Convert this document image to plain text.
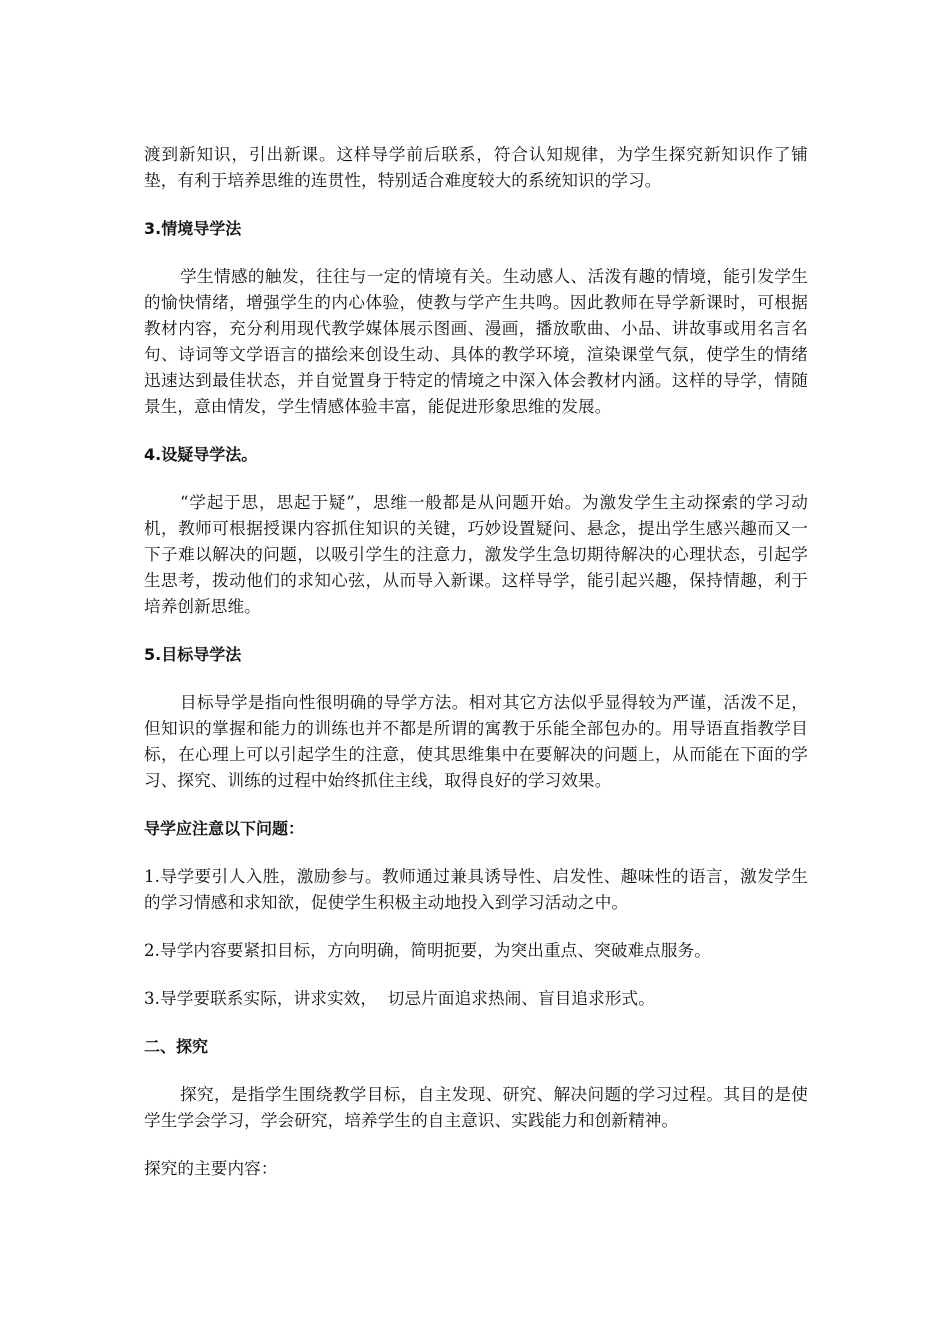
渡到新知识，引出新课。这样导学前后联系，符合认知规律，为学生探究新知识作了铺垫，有利于培养思维的连贯性，特别适合难度较大的系统知识的学习。

3.情境导学法

学生情感的触发，往往与一定的情境有关。生动感人、活泼有趣的情境，能引发学生的愉快情绪，增强学生的内心体验，使教与学产生共鸣。因此教师在导学新课时，可根据教材内容，充分利用现代教学媒体展示图画、漫画，播放歌曲、小品、讲故事或用名言名句、诗词等文学语言的描绘来创设生动、具体的教学环境，渲染课堂气氛，使学生的情绪迅速达到最佳状态，并自觉置身于特定的情境之中深入体会教材内涵。这样的导学，情随景生，意由情发，学生情感体验丰富，能促进形象思维的发展。

4.设疑导学法。

“学起于思，思起于疑”，思维一般都是从问题开始。为激发学生主动探索的学习动机，教师可根据授课内容抓住知识的关键，巧妙设置疑问、悬念，提出学生感兴趣而又一下子难以解决的问题，以吸引学生的注意力，激发学生急切期待解决的心理状态，引起学生思考，拨动他们的求知心弦，从而导入新课。这样导学，能引起兴趣，保持情趣，利于培养创新思维。

5.目标导学法

目标导学是指向性很明确的导学方法。相对其它方法似乎显得较为严谨，活泼不足，但知识的掌握和能力的训练也并不都是所谓的寓教于乐能全部包办的。用导语直指教学目标，在心理上可以引起学生的注意，使其思维集中在要解决的问题上，从而能在下面的学习、探究、训练的过程中始终抓住主线，取得良好的学习效果。

导学应注意以下问题：

1.导学要引人入胜，激励参与。教师通过兼具诱导性、启发性、趣味性的语言，激发学生的学习情感和求知欲，促使学生积极主动地投入到学习活动之中。

2.导学内容要紧扣目标，方向明确，简明扼要，为突出重点、突破难点服务。

3.导学要联系实际，讲求实效，  切忌片面追求热闹、盲目追求形式。

二、探究

探究，是指学生围绕教学目标，自主发现、研究、解决问题的学习过程。其目的是使学生学会学习，学会研究，培养学生的自主意识、实践能力和创新精神。

探究的主要内容：
